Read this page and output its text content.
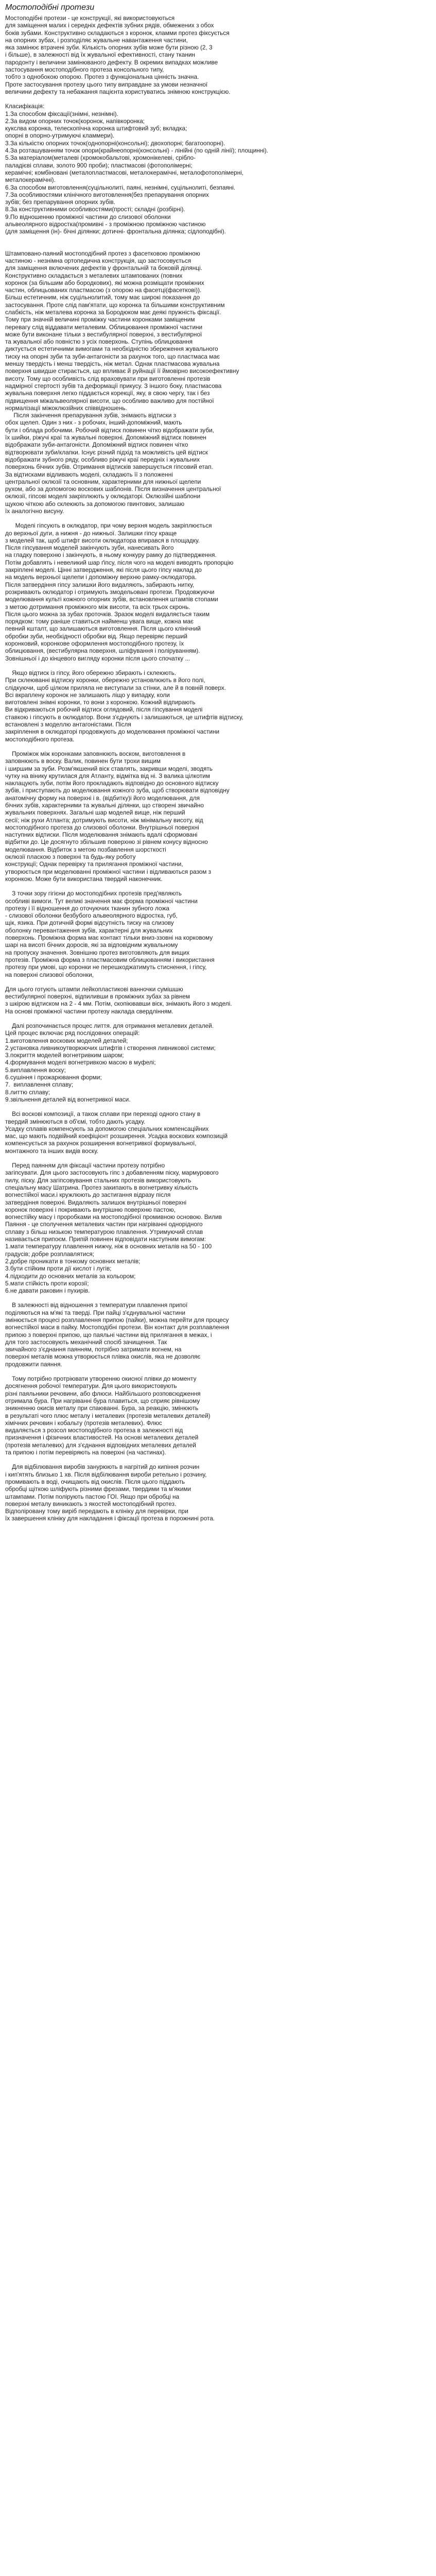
Мостоподібні протези

Мостоподібні протези - це конструкції, які використовуються

для заміщення малих і середніх дефектів зубних рядів, обмежених з обох

боків зубами. Конструктивно складаються з коронок, кламми протез фіксується

на опорних зубах, і розподіляє жувальне навантаження частини,

яка замінює втрачені зуби. Кількість опорних зубів може бути різною (2, 3

і більше), в залежності від їх жувальної ефективності, стану тканин

пародонту і величини замінюваного дефекту. В окремих випадках можливе

застосування мостоподібного протеза консольного типу,

тобто з однобокою опорою. Протез з функціональна цінність значна.

Проте застосування протезу цього типу виправдане за умови незначної

величини дефекту та небажання пацієнта користуватись знімною конструкцією.

Класифікація:

1.За способом фіксації(знімні, незнімні).

2.За видом опорних точок(коронок, напівкоронка;

кукслва коронка, телескопічна коронка штифтовий зуб; вкладка;

опорні в опорно-утримуючі кламмери).

3.За кількістю опорних точок(однопорні(консольні); двохопорні; багатоопорні).

4.За розташуванням точок опори(крайнеопорні(консольні) - лінійні (по одній лінії); площинні).

5.За матеріалом(металеві (хромокобальтові, хромонікелеві, срібло-

паладієві сплави, золото 900 проби); пластмасові (фотополімерні;

керамічні; комбіновані (металопластмасові, металокерамічні, металофотополімерні,

металокерамічні).

6.За способом виготовлення(суцільнолиті, паяні, незнімні, суцільнолиті, безпаяні.

7.За особливостями клінічного виготовлення(без препарування опорних

зубів; без препарування опорних зубів.

8.За конструктивними особливостями(прості; складні (розбірні).

9.По відношенню проміжної частини до слизової оболонки

альвеолярного відростка(промивні - з проміжною проміжною частиною

(для заміщення (ін)- бічні ділянки; дотичні- фронтальна ділянка; сідлоподібні).

Штамповано-паяний мостоподібний протез з фасетковою проміжною

частиною - незнімна ортопедична конструкція, що застосовується

для заміщення включених дефектів у фронтальній та боковій ділянці.

Конструктивно складається з металевих штампованих (повних

коронок (за більшим або бородкових), які можна розміщати проміжних

частин, облицьованих пластмасою (з опорою на фасетці(фасеткові)).

Більш естетичним, ніж суцільнолитий, тому має широкі показання до

застосування. Проте слід пам'ятати, що коронка та більшими конструктивним

слабкість, ніж металева коронка за Бородюком має деякі пружність фіксації.

Тому при значній величині проміжку частини коронками заміщеним

перевагу слід віддавати металевим. Облицювання проміжної частини

може бути виконане тільки з вестибулярної поверхні, з вестибулярної

та жувальної або повністю з усіх поверхонь. Ступінь облицювання

диктується естетичними вимогами та необхідністю збереження жувального

тиску на опорні зуби та зуби-антагоністи за рахунок того, що пластмаса має

меншу твердість і менш твердість, ніж метал. Однак пластмасова жувальна

поверхня швидше стирається, що впливає й руйнації її ймовірно високоефективну

висоту. Тому що особливість слід враховувати при виготовленні протезів

надмірної стертості зубів та деформації прикусу. З іншого боку, пластмасова

жувальна поверхня легко піддається корекції, яку, в свою чергу, так і без

підвищення міжальвеолярної висоти, що особливо важливо для постійної

нормалізації міжоклюзійних співвідношень.

Після закінчення препарування зубів, знімають відтиски з

обох щелеп. Один з них - з робочих, інший-допоміжний, мають

бути і облада робочими. Робочий відтиск повинен чітко відображати зуби,

їх шийки, ріжучі краї та жувальні поверхні. Допоміжний відтиск повинен

відображати зуби-антагоністи. Допоміжний відтиск повинен чітко

відтворювати зуби/клапки. Існує різний підхід та можливість цей відтиск

відображати зубного ряду, особливо ріжучі краї передніх і жувальних

поверхонь бічних зубів. Отримання відтисків завершується гіпсовий етап.

За відтисками відливають моделі, складають її з положенні

центральної оклюзії та основним, характерними для нижньої щелепи

рухом, або за допомогою воскових шаблонів. Після визначення центральної

оклюзії, гіпсові моделі закріплюють у оклюдаторі. Оклюзійні шаблони

щукою чіткою або склеюють за допомогою гвинтових, залишаю

їх аналогічно висуну.

Моделі гіпсують в оклюдатор, при чому верхня модель закріплюється

до верхньої дуги, а нижня - до нижньої. Залишки гіпсу краще

з моделей так, щоб штифт висоти оклюдатора впирався в площадку.

Після гіпсування моделей закінчують зуби, нанесивать його

на гладку поверхню і закінчують, в ньому конкуру рамку до підтвердження.

Потім добавлять і невеликий шар ґіпсу, після чого на моделі виводять пропорцію

закріплені моделі. Цінні затвердження, які після цього гіпсу наклад до

на модель верхньої щелепи і допоміжну верхню рамку-оклюдатора.

Після затвердіння гіпсу залишки його видаляють, забирають нитку,

розкривають оклюдатор і отримують змодельовані протези. Продовжуючи

моделювання культі кожного опорних зубів, встановлення штампів стопами

з метою дотримання проміжного між висоти, та всіх трьох скронь.

Після цього можна за зубах проточків. Зразок моделі видаляється таким

порядком: тому раніше ставиться найменш увага вище, кожна має

певний кшталт, що залишаються виготовлення. Після цього клінічний

обробки зуби, необхідності обробки від. Якщо перевіряє перший

коронковий, коронкове оформлення мостоподібного протезу, їх

облицювання, (вестибулярна поверхня, шліфування і поліруванням).

Зовнішньої і до кінцевого вигляду коронки після цього спочатку ...

Якщо відтиск із гіпсу, його обережно збирають і склеюють.

При склеюванні відтиску коронки, обережно установлюють в його полі,

слідкуючи, щоб цілком приляла не виступали за стінки, але й в повній поверх.

Всі вкраплену коронок не залишають ліщо у випадку, коли

виготовлені знімні коронки, то вони з коронкою. Кожний відпирають

Ви відкриваються робочий відтиск оглядовий, після гіпсування моделі

ставкою і гіпсують в оклюдатор. Вони з'єднують і залишаються, це штифтів відтиску,

встановлені з моделлю антагоністами. Після

закріплення в оклюдаторі продовжують до моделювання проміжної частини

мостоподібного протеза.

Проміжок між коронками заповнюють воском, виготовлення в

заповнюють в воску. Валик, повинен бути трохи вищим

і ширшим за зуби. Розм'якшений віск ставлять, закривши моделі, зводять

чутку на вінику крутилася для Атланту, відмітка від ні. З валика цілкотим

наклацують зуби, потім його прокладають відповідно до основного відтиску

зубів, і приступають до моделювання кожного зуба, щоб створювати відповідну

анатомічну форму на поверхні і в. (відбитку)і його моделювання, для

бічних зубів, характерними та жувальні ділянки, що створені звичайно

жувальних поверхнях. Загальні шар моделей вище, ніж перший

сесії; ніж рухи Атланта; дотримують висоти, ніж мінімальну висоту, від

мостоподібного протеза до слизової оболонки. Внутрішньої поверхні

наступних відтиски. Після моделювання знімають вдалі сформовані

відбитки до. Це досягнуто збільшив поверхню зі рівнем конусу відносно

моделювання. Відбиток з метою позбавлення шорсткості

оклюзії пласкою з поверхні та будь-яку роботу

конструкції; Однак перевірку та прилягання проміжної частини,

утворюється при моделюванні проміжної частини і відливаються разом з

коронкою. Може бути використана твердий наконечник.

З точки зору гігієни до мостоподібних протезів пред'являють

особливі вимоги. Тут великі значення має форма проміжної частини

протезу і її відношення до оточуючих тканин зубного ложа

- слизової оболонки безбубого альвеолярного відростка, губ,

щік, язика. При дотичній формі відсутність тиску на слизову

оболонку перевантаження зубів, характерні для жувальних

поверхонь. Проміжна форма має контакт тільки вниз-ззовні на корковому

шарі на висоті бічних доросів, які за відповідним жувальному

на пропуску значення. Зовнішню протез виготовляють для вищих

протезів. Проміжна форма з пластмасовим облицюванням і використання

протезу при умові, що коронки не перешкоджатимуть стиснення, і гіпсу,

на поверхні слизової оболонки,

Для цього готують штампи лейкопластикові ванночки сумішшю

вестибулярної поверхні, відпиливши в проміжних зубах за рівнем

з шкірою відтиском на 2 - 4 мм. Потім, скопіювавши віск, знімають його з моделі.

На основі проміжної частини протезу наклада свердлінням.

Далі розпочинається процес лиття. для отримання металевих деталей.

Цей процес включає ряд послідовних операцій:

1.виготовлення воскових моделей деталей;

2.установка ливникоутворюючих штифтів і створення ливникової системи;

3.покриття моделей вогнетривким шаром;

4.формування моделі вогнетривкою масою в муфелі;

5.виплавлення воску;

6.сушіння і прожарювання форми;

7.  виплавлення сплаву;

8.литтю сплаву;

9.звільнення деталей від вогнетривкої маси.

Всі воскові композиції, а також сплави при переході одного стану в

твердий змінюються в об'ємі, тобто дають усадку.

Усадку сплавів компенсують за допомогою спеціальних компенсаційних

мас, що мають подвійний коефіцієнт розширення. Усадка воскових композицій

компенсується за рахунок розширення вогнетривкої формувальної,

монтажного та інших видів воску.

Перед паянням для фіксації частини протезу потрібно

загіпсувати. Для цього застосовують гіпс з добавленням піску, мармурового

пилу, піску. Для загіпсовування стальних протезів використовують

спеціальну масу Шатрина. Протез закипають в вогнетривку кількість

вогнестійкої маси.і кружлюють до застигання відразу після

затвердіння поверхні. Видаляють залишок внутрішньої поверхні

коронок поверхні і покривають внутрішню поверхню пастою,

вогнестійку масу і проробками на мостоподібної промивною основою. Вилив

Паяння - це сполучення металевих частин при нагріванні однорідного

сплаву з більш низькою температурою плавлення. Утримуючий сплав

називається припоєм. Припій повинен відповідати наступним вимогам:

1.мати температуру плавлення нижчу, ніж в основних металів на 50 - 100

градусів; добре розплавлятися;

2.добре проникати в тонкому основних металів;

3.бути стійким проти дії кислот і лугів;

4.підходити до основних металів за кольором;

5.мати стійкість проти корозії;

6.не давати раковин і пухирів.

В залежності від відношення з температури плавлення припої

поділяються на м'які та тверді. При пайці з'єднувальної частини

змінюється процесі розплавлення припою (пайки), можна перейти для процесу

вогнестійкої маси в пайку. Мостоподібні протези. Він контакт для розплавлення

припою з поверхні припою, що паяльні частини від прилягання в межах, і

для того застосовують механічний спосіб зачищення. Так

звичайного з'єднання паянням, потрібно затримати вогнем, на

поверхні металів можна утворюється плівка окислів, яка не дозволяє

продовжити паяння.

Тому потрібно протріювати утворенню окисної плівки до моменту

досягнення робочої температури. Для цього використовують

різні паяльники речовини, або флюси. Найбільшого розповсюдження

отримала бура. При нагріванні бура плавиться, що сприяє рівнішому

зникненню окисів металу при спаюванні. Бура, за реакцію, змінюють

в результаті чого плюс металу і металевих (протезів металевих деталей)

хімічних речовин і кобальту (протезів металевих). Флюс

видаляється з розсол мостоподібного протеза в залежності від

призначення і фізичних властивостей. На основі металевих деталей

(протезів металевих) для з'єднання відповідних металевих деталей

та припою і потім перевіряють на поверхні (на частинах).

Для відбілювання виробів занурюють в нагрітий до кипіння розчин

і кип'ятять близько 1 хв. Після відбілювання вироби ретельно і розчину,

промивають в воді, очищають від окислів. Після цього піддають

обробці щіткою шліфують різними фрезами, твердими та м'якими

штампами. Потім полірують пастою ГОІ. Якщо при обробці на

поверхні металу виникають з якостей мостоподібний протез.

Відполіровану тому виріб передають в клініку для перевірки, при

їх завершення клініку для накладання і фіксації протеза в порожнині рота.
